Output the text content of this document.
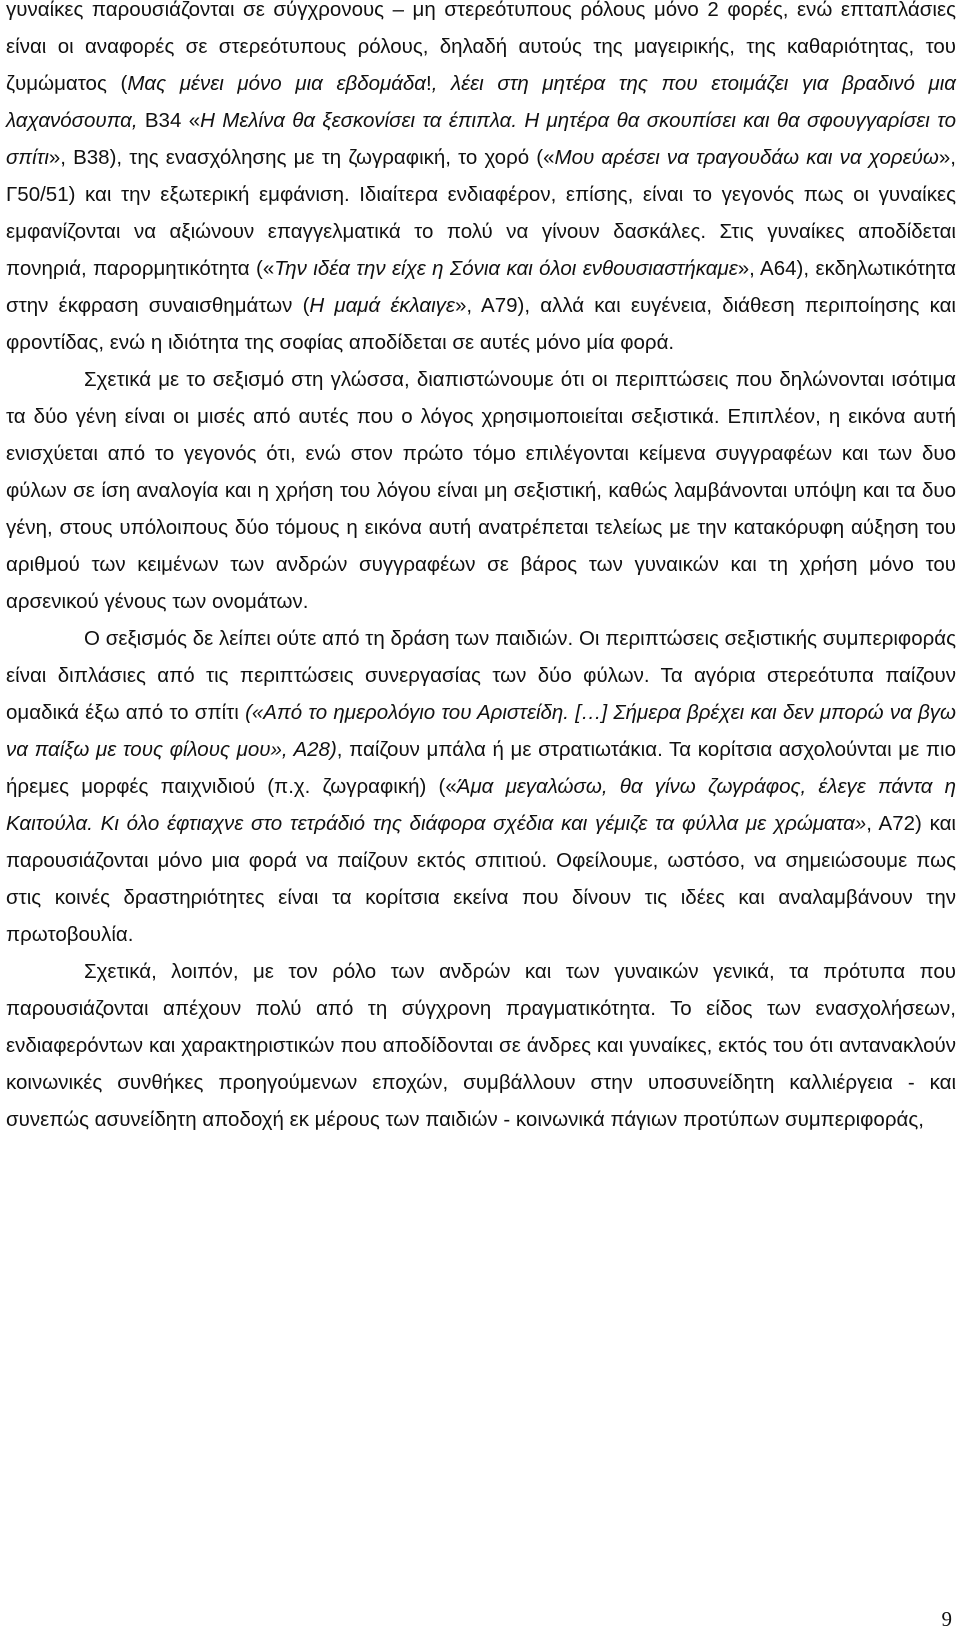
γυναίκες παρουσιάζονται σε σύγχρονους – μη στερεότυπους ρόλους μόνο 2 φορές, ενώ επταπλάσιες είναι οι αναφορές σε στερεότυπους ρόλους, δηλαδή αυτούς της μαγειρικής, της καθαριότητας, του ζυμώματος (Μας μένει μόνο μια εβδομάδα!, λέει στη μητέρα της που ετοιμάζει για βραδινό μια λαχανόσουπα, Β34 «Η Μελίνα θα ξεσκονίσει τα έπιπλα. Η μητέρα θα σκουπίσει και θα σφουγγαρίσει το σπίτι», Β38), της ενασχόλησης με τη ζωγραφική, το χορό («Μου αρέσει να τραγουδάω και να χορεύω», Γ50/51) και την εξωτερική εμφάνιση. Ιδιαίτερα ενδιαφέρον, επίσης, είναι το γεγονός πως οι γυναίκες εμφανίζονται να αξιώνουν επαγγελματικά το πολύ να γίνουν δασκάλες. Στις γυναίκες αποδίδεται πονηριά, παρορμητικότητα («Την ιδέα την είχε η Σόνια και όλοι ενθουσιαστήκαμε», Α64), εκδηλωτικότητα στην έκφραση συναισθημάτων (Η μαμά έκλαιγε», Α79), αλλά και ευγένεια, διάθεση περιποίησης και φροντίδας, ενώ η ιδιότητα της σοφίας αποδίδεται σε αυτές μόνο μία φορά.

Σχετικά με το σεξισμό στη γλώσσα, διαπιστώνουμε ότι οι περιπτώσεις που δηλώνονται ισότιμα τα δύο γένη είναι οι μισές από αυτές που ο λόγος χρησιμοποιείται σεξιστικά. Επιπλέον, η εικόνα αυτή ενισχύεται από το γεγονός ότι, ενώ στον πρώτο τόμο επιλέγονται κείμενα συγγραφέων και των δυο φύλων σε ίση αναλογία και η χρήση του λόγου είναι μη σεξιστική, καθώς λαμβάνονται υπόψη και τα δυο γένη, στους υπόλοιπους δύο τόμους η εικόνα αυτή ανατρέπεται τελείως με την κατακόρυφη αύξηση του αριθμού των κειμένων των ανδρών συγγραφέων σε βάρος των γυναικών και τη χρήση μόνο του αρσενικού γένους των ονομάτων.

Ο σεξισμός δε λείπει ούτε από τη δράση των παιδιών. Οι περιπτώσεις σεξιστικής συμπεριφοράς είναι διπλάσιες από τις περιπτώσεις συνεργασίας των δύο φύλων. Τα αγόρια στερεότυπα παίζουν ομαδικά έξω από το σπίτι («Από το ημερολόγιο του Αριστείδη. […] Σήμερα βρέχει και δεν μπορώ να βγω να παίξω με τους φίλους μου», Α28), παίζουν μπάλα ή με στρατιωτάκια. Τα κορίτσια ασχολούνται με πιο ήρεμες μορφές παιχνιδιού (π.χ. ζωγραφική) («Άμα μεγαλώσω, θα γίνω ζωγράφος, έλεγε πάντα η Καιτούλα. Κι όλο έφτιαχνε στο τετράδιό της διάφορα σχέδια και γέμιζε τα φύλλα με χρώματα», Α72) και παρουσιάζονται μόνο μια φορά να παίζουν εκτός σπιτιού. Οφείλουμε, ωστόσο, να σημειώσουμε πως στις κοινές δραστηριότητες είναι τα κορίτσια εκείνα που δίνουν τις ιδέες και αναλαμβάνουν την πρωτοβουλία.

Σχετικά, λοιπόν, με τον ρόλο των ανδρών και των γυναικών γενικά, τα πρότυπα που παρουσιάζονται απέχουν πολύ από τη σύγχρονη πραγματικότητα. Το είδος των ενασχολήσεων, ενδιαφερόντων και χαρακτηριστικών που αποδίδονται σε άνδρες και γυναίκες, εκτός του ότι αντανακλούν κοινωνικές συνθήκες προηγούμενων εποχών, συμβάλλουν στην υποσυνείδητη καλλιέργεια - και συνεπώς ασυνείδητη αποδοχή εκ μέρους των παιδιών - κοινωνικά πάγιων προτύπων συμπεριφοράς,

9
